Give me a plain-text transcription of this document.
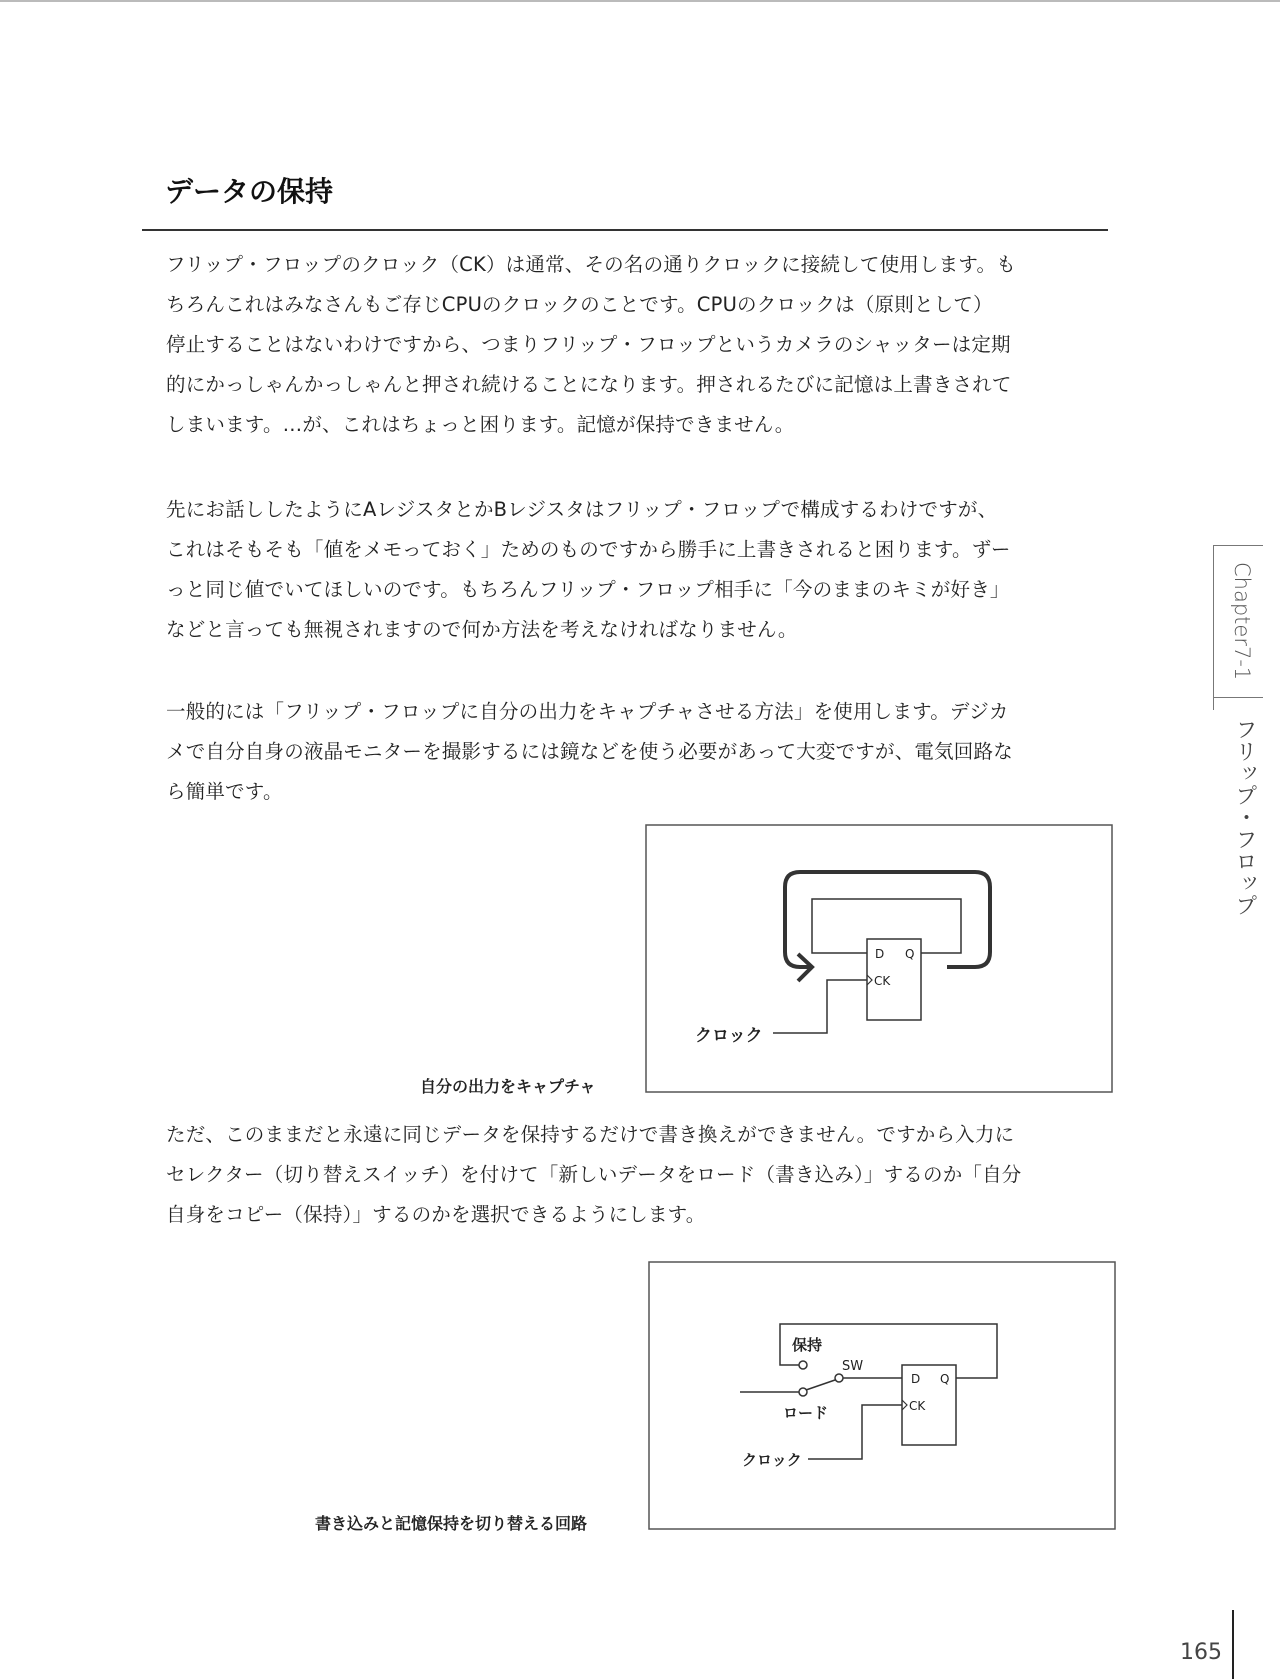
データの保持
フリップ・フロップのクロック（CK）は通常、その名の通りクロックに接続して使用します。も
ちろんこれはみなさんもご存じCPUのクロックのことです。CPUのクロックは（原則として）
停止することはないわけですから、つまりフリップ・フロップというカメラのシャッターは定期
的にかっしゃんかっしゃんと押され続けることになります。押されるたびに記憶は上書きされて
しまいます。…が、これはちょっと困ります。記憶が保持できません。
先にお話ししたようにAレジスタとかBレジスタはフリップ・フロップで構成するわけですが、
これはそもそも「値をメモっておく」ためのものですから勝手に上書きされると困ります。ずー
っと同じ値でいてほしいのです。もちろんフリップ・フロップ相手に「今のままのキミが好き」
などと言っても無視されますので何か方法を考えなければなりません。
一般的には「フリップ・フロップに自分の出力をキャプチャさせる方法」を使用します。デジカ
メで自分自身の液晶モニターを撮影するには鏡などを使う必要があって大変ですが、電気回路な
ら簡単です。
ただ、このままだと永遠に同じデータを保持するだけで書き換えができません。ですから入力に
セレクター（切り替えスイッチ）を付けて「新しいデータをロード（書き込み）」するのか「自分
自身をコピー（保持）」するのかを選択できるようにします。
D Q
CK
クロック
保持
SW
ロード
D Q
CK
クロック
自分の出力をキャプチャ
書き込みと記憶保持を切り替える回路
Chapter7-1
フリップ・フロップ
165
